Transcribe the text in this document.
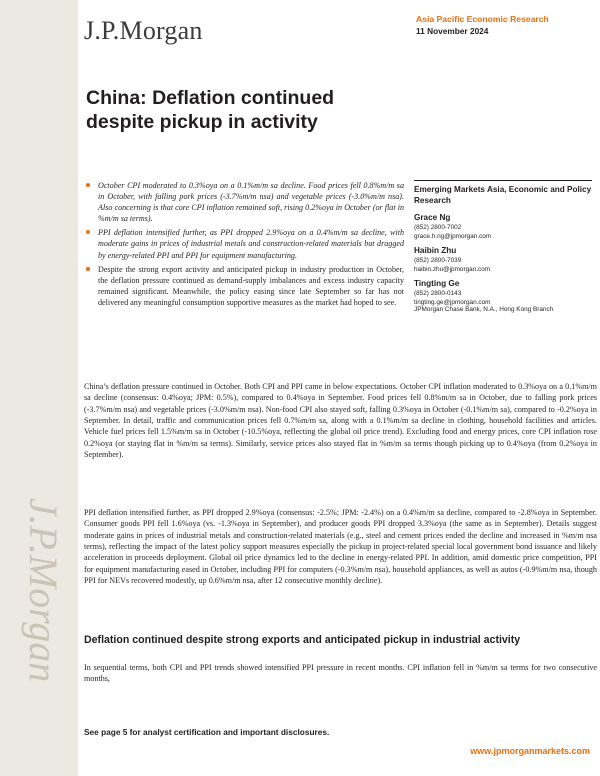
J.P.Morgan
J.P.Morgan	Asia Pacific Economic Research
11 November 2024
China: Deflation continued despite pickup in activity
October CPI moderated to 0.3%oya on a 0.1%m/m sa decline. Food prices fell 0.8%m/m sa in October, with falling pork prices (-3.7%m/m nsa) and vegetable prices (-3.0%m/m nsa). Also concerning is that core CPI inflation remained soft, rising 0.2%oya in October (or flat in %m/m sa terms).
PPI deflation intensified further, as PPI dropped 2.9%oya on a 0.4%m/m sa decline, with moderate gains in prices of industrial metals and construction-related materials but dragged by energy-related PPI and PPI for equipment manufacturing.
Despite the strong export activity and anticipated pickup in industry production in October, the deflation pressure continued as demand-supply imbalances and excess industry capacity remained significant. Meanwhile, the policy easing since late September so far has not delivered any meaningful consumption supportive measures as the market had hoped to see.
Emerging Markets Asia, Economic and Policy Research
Grace Ng
(852) 2800-7002
grace.h.ng@jpmorgan.com
Haibin Zhu
(852) 2800-7039
haibin.zhu@jpmorgan.com
Tingting Ge
(852) 2800-0143
tingting.ge@jpmorgan.com
JPMorgan Chase Bank, N.A., Hong Kong Branch

China’s deflation pressure continued in October. Both CPI and PPI came in below expectations. October CPI inflation moderated to 0.3%oya on a 0.1%m/m sa decline (consensus: 0.4%oya; JPM: 0.5%), compared to 0.4%oya in September. Food prices fell 0.8%m/m sa in October, due to falling pork prices (-3.7%m/m nsa) and vegetable prices (-3.0%m/m nsa). Non-food CPI also stayed soft, falling 0.3%oya in October (-0.1%m/m sa), compared to -0.2%oya in September. In detail, traffic and communication prices fell 0.7%m/m sa, along with a 0.1%m/m sa decline in clothing, household facilities and articles. Vehicle fuel prices fell 1.5%m/m sa in October (-10.5%oya, reflecting the global oil price trend). Excluding food and energy prices, core CPI inflation rose 0.2%oya (or staying flat in %m/m sa terms). Similarly, service prices also stayed flat in %m/m sa terms though picking up to 0.4%oya (from 0.2%oya in September).

PPI deflation intensified further, as PPI dropped 2.9%oya (consensus: -2.5%; JPM: -2.4%) on a 0.4%m/m sa decline, compared to -2.8%oya in September. Consumer goods PPI fell 1.6%oya (vs. -1.3%oya in September), and producer goods PPI dropped 3.3%oya (the same as in September). Details suggest moderate gains in prices of industrial metals and construction-related materials (e.g., steel and cement prices ended the decline and increased in %m/m nsa terms), reflecting the impact of the latest policy support measures especially the pickup in project-related special local government bond issuance and likely acceleration in proceeds deployment. Global oil price dynamics led to the decline in energy-related PPI. In addition, amid domestic price competition, PPI for equipment manufacturing eased in October, including PPI for computers (-0.3%m/m nsa), household appliances, as well as autos (-0.9%m/m nsa, though PPI for NEVs recovered modestly, up 0.6%m/m nsa, after 12 consecutive monthly decline).

Deflation continued despite strong exports and anticipated pickup in industrial activity

In sequential terms, both CPI and PPI trends showed intensified PPI pressure in recent months. CPI inflation fell in %m/m sa terms for two consecutive months,

See page 5 for analyst certification and important disclosures.
www.jpmorganmarkets.com
